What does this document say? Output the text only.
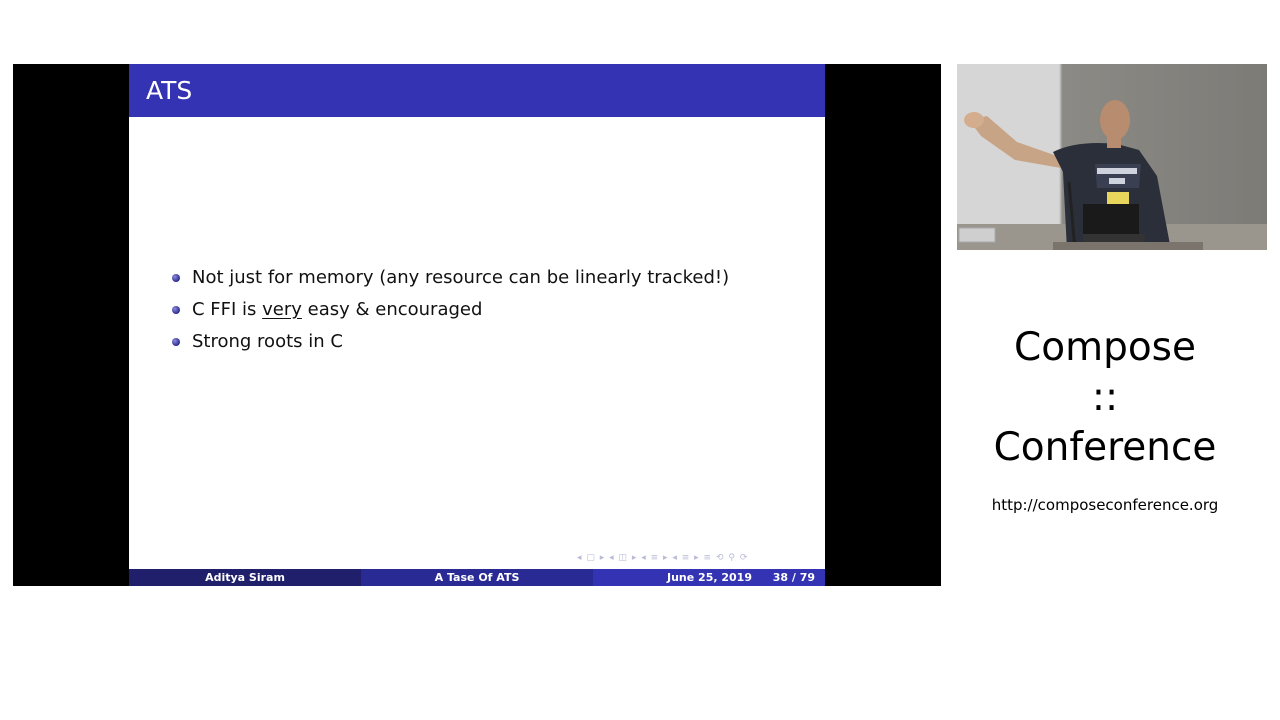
ATS
Not just for memory (any resource can be linearly tracked!)
C FFI is very easy & encouraged
Strong roots in C
◂ ▢ ▸ ◂ ◫ ▸ ◂ ≡ ▸ ◂ ≡ ▸ ≡ ⟲ ⚲ ⟳
Aditya Siram	A Tase Of ATS	June 25, 2019 38 / 79
Compose
::
Conference
http://composeconference.org
